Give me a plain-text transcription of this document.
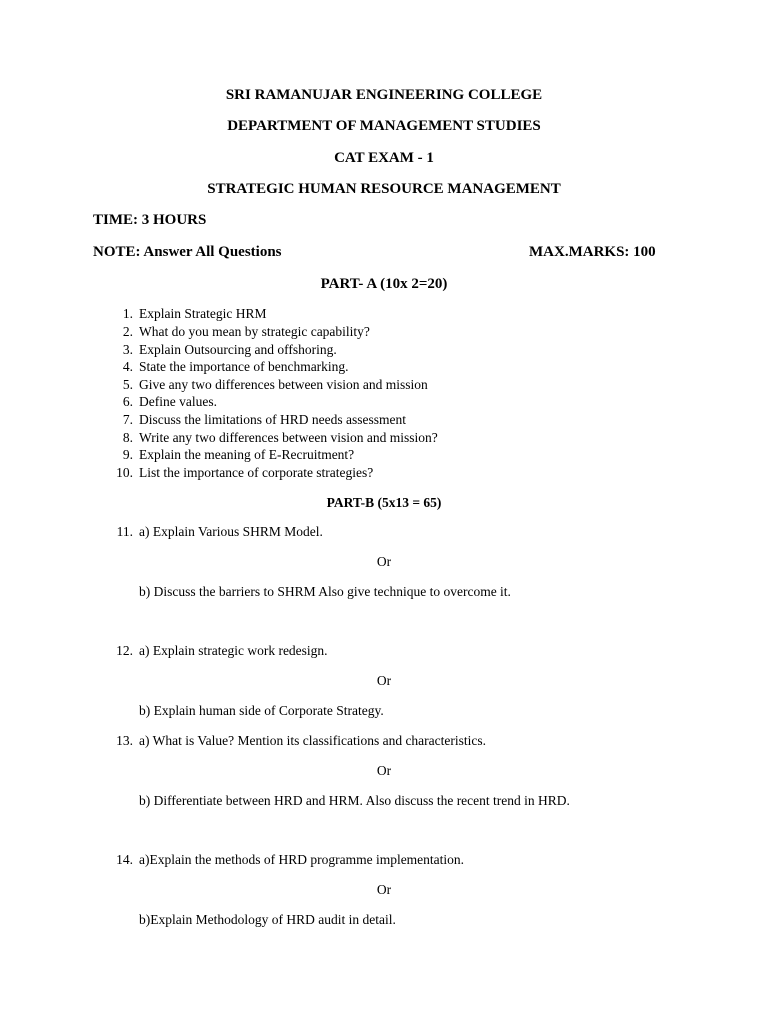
SRI RAMANUJAR ENGINEERING COLLEGE
DEPARTMENT OF MANAGEMENT STUDIES
CAT EXAM - 1
STRATEGIC HUMAN RESOURCE MANAGEMENT
TIME: 3 HOURS
NOTE: Answer All Questions	MAX.MARKS: 100
PART- A (10x 2=20)
1. Explain Strategic HRM
2. What do you mean by strategic capability?
3. Explain Outsourcing and offshoring.
4. State the importance of benchmarking.
5. Give any two differences between vision and mission
6. Define values.
7. Discuss the limitations of HRD needs assessment
8. Write any two differences between vision and mission?
9. Explain the meaning of E-Recruitment?
10. List the importance of corporate strategies?
PART-B (5x13 = 65)
11. a) Explain Various SHRM Model.
Or
b) Discuss the barriers to SHRM Also give technique to overcome it.
12. a) Explain strategic work redesign.
Or
b) Explain human side of Corporate Strategy.
13. a) What is Value? Mention its classifications and characteristics.
Or
b) Differentiate between HRD and HRM. Also discuss the recent trend in HRD.
14. a)Explain the methods of HRD programme implementation.
Or
b)Explain Methodology of HRD audit in detail.
